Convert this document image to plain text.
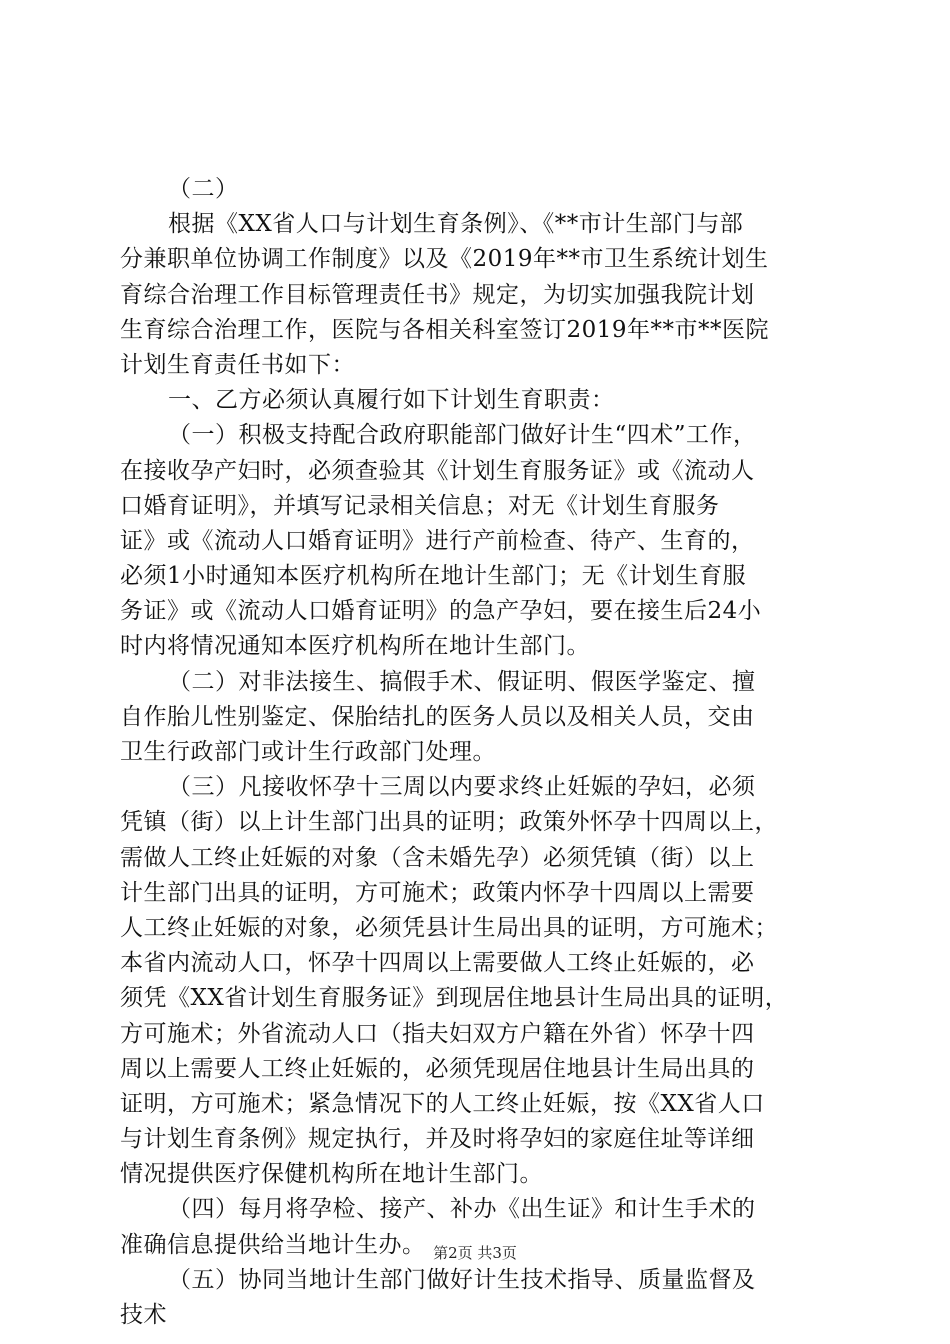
（二）
根据《XX省人口与计划生育条例》、《**市计生部门与部
分兼职单位协调工作制度》以及《2019年**市卫生系统计划生
育综合治理工作目标管理责任书》规定，为切实加强我院计划
生育综合治理工作，医院与各相关科室签订2019年**市**医院
计划生育责任书如下：
一、乙方必须认真履行如下计划生育职责：
（一）积极支持配合政府职能部门做好计生“四术”工作，
在接收孕产妇时，必须查验其《计划生育服务证》或《流动人
口婚育证明》，并填写记录相关信息；对无《计划生育服务
证》或《流动人口婚育证明》进行产前检查、待产、生育的，
必须1小时通知本医疗机构所在地计生部门；无《计划生育服
务证》或《流动人口婚育证明》的急产孕妇，要在接生后24小
时内将情况通知本医疗机构所在地计生部门。
（二）对非法接生、搞假手术、假证明、假医学鉴定、擅
自作胎儿性别鉴定、保胎结扎的医务人员以及相关人员，交由
卫生行政部门或计生行政部门处理。
（三）凡接收怀孕十三周以内要求终止妊娠的孕妇，必须
凭镇（街）以上计生部门出具的证明；政策外怀孕十四周以上，
需做人工终止妊娠的对象（含未婚先孕）必须凭镇（街）以上
计生部门出具的证明，方可施术；政策内怀孕十四周以上需要
人工终止妊娠的对象，必须凭县计生局出具的证明，方可施术；
本省内流动人口，怀孕十四周以上需要做人工终止妊娠的，必
须凭《XX省计划生育服务证》到现居住地县计生局出具的证明，
方可施术；外省流动人口（指夫妇双方户籍在外省）怀孕十四
周以上需要人工终止妊娠的，必须凭现居住地县计生局出具的
证明，方可施术；紧急情况下的人工终止妊娠，按《XX省人口
与计划生育条例》规定执行，并及时将孕妇的家庭住址等详细
情况提供医疗保健机构所在地计生部门。
（四）每月将孕检、接产、补办《出生证》和计生手术的
准确信息提供给当地计生办。
（五）协同当地计生部门做好计生技术指导、质量监督及
技术
第2页 共3页
